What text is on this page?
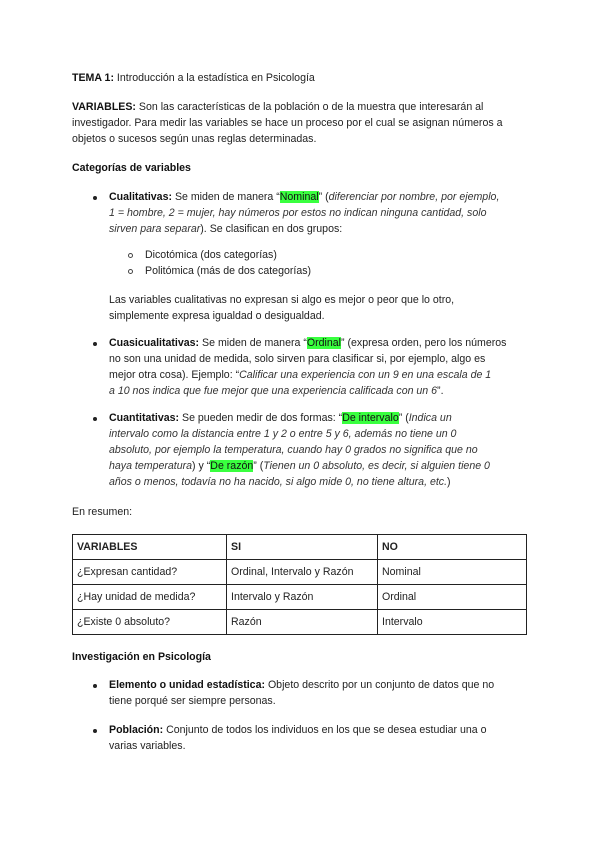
TEMA 1: Introducción a la estadística en Psicología

VARIABLES: Son las características de la población o de la muestra que interesarán al

investigador. Para medir las variables se hace un proceso por el cual se asignan números a

objetos o sucesos según unas reglas determinadas.

Categorías de variables

Cualitativas: Se miden de manera “Nominal” (diferenciar por nombre, por ejemplo,

1 = hombre, 2 = mujer, hay números por estos no indican ninguna cantidad, solo

sirven para separar). Se clasifican en dos grupos:

Dicotómica (dos categorías)

Politómica (más de dos categorías)

Las variables cualitativas no expresan si algo es mejor o peor que lo otro,

simplemente expresa igualdad o desigualdad.

Cuasicualitativas: Se miden de manera “Ordinal” (expresa orden, pero los números

no son una unidad de medida, solo sirven para clasificar si, por ejemplo, algo es

mejor otra cosa). Ejemplo: “Calificar una experiencia con un 9 en una escala de 1

a 10 nos indica que fue mejor que una experiencia calificada con un 6”.

Cuantitativas: Se pueden medir de dos formas: “De intervalo” (Indica un

intervalo como la distancia entre 1 y 2 o entre 5 y 6, además no tiene un 0

absoluto, por ejemplo la temperatura, cuando hay 0 grados no significa que no

haya temperatura) y “De razón” (Tienen un 0 absoluto, es decir, si alguien tiene 0

años o menos, todavía no ha nacido, si algo mide 0, no tiene altura, etc.)

En resumen:

VARIABLES	SI	NO
¿Expresan cantidad?	Ordinal, Intervalo y Razón	Nominal
¿Hay unidad de medida?	Intervalo y Razón	Ordinal
¿Existe 0 absoluto?	Razón	Intervalo

Investigación en Psicología

Elemento o unidad estadística: Objeto descrito por un conjunto de datos que no

tiene porqué ser siempre personas.

Población: Conjunto de todos los individuos en los que se desea estudiar una o

varias variables.
